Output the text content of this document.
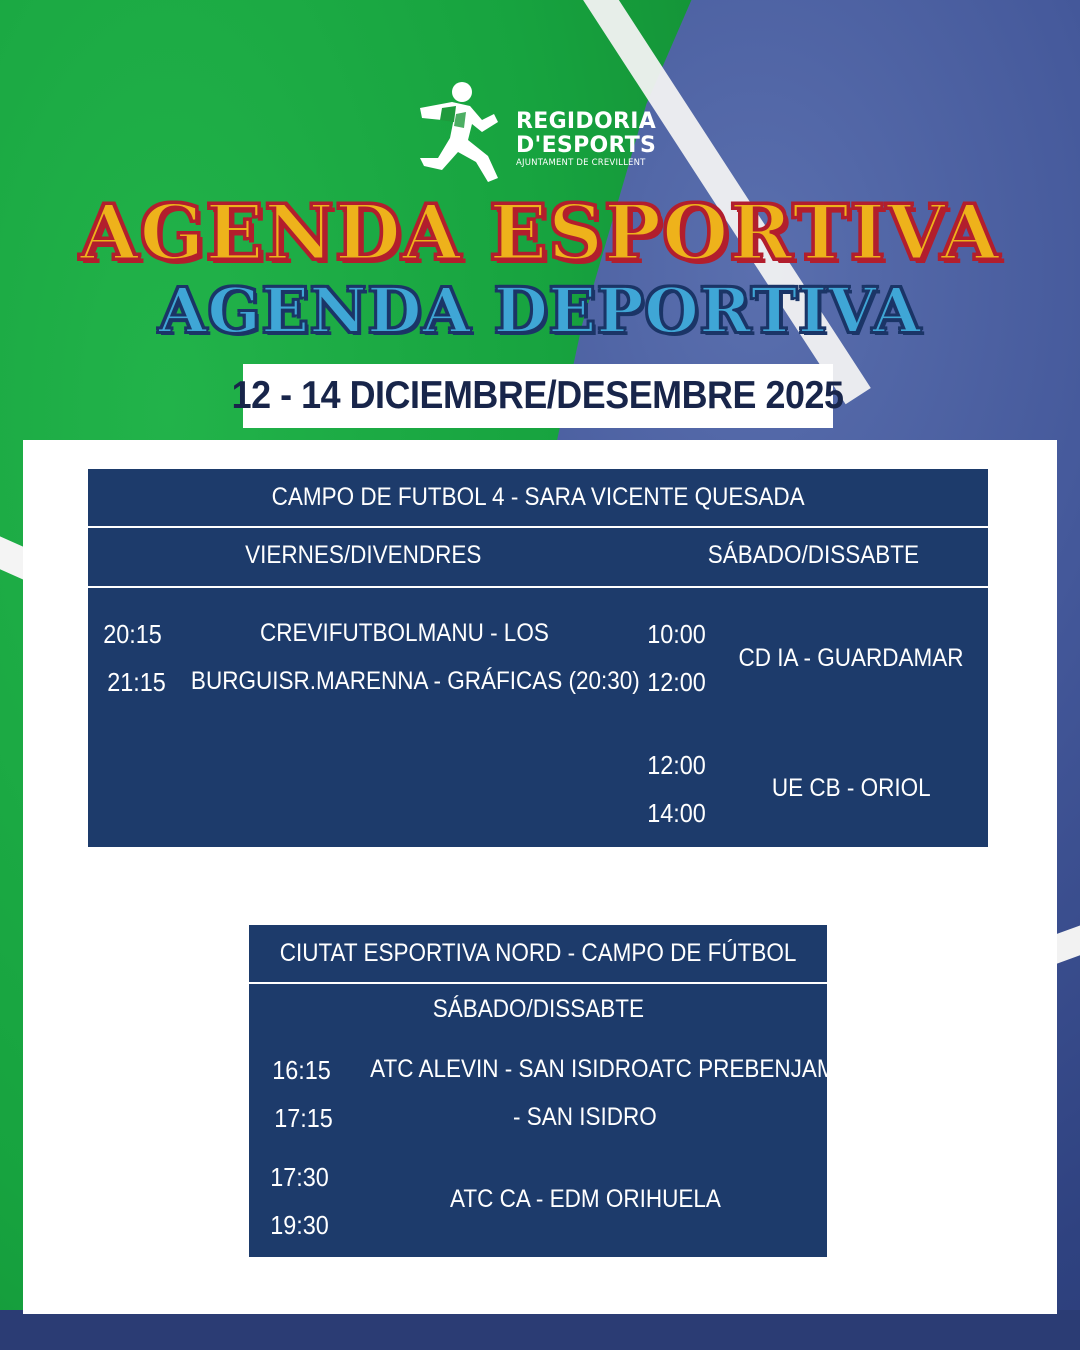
REGIDORIA
D'ESPORTS
AJUNTAMENT DE CREVILLENT
AGENDA ESPORTIVA
AGENDA DEPORTIVA
12 - 14 DICIEMBRE/DESEMBRE 2025
CAMPO DE FUTBOL 4 - SARA VICENTE QUESADA
VIERNES/DIVENDRES	SÁBADO/DISSABTE
20:15
21:15
CREVIFUTBOLMANU - LOS
BURGUISR.MARENNA - GRÁFICAS (20:30)
10:00
12:00
CD IA - GUARDAMAR
12:00
14:00
UE CB - ORIOL
CIUTAT ESPORTIVA NORD - CAMPO DE FÚTBOL
SÁBADO/DISSABTE
16:15
17:15
ATC ALEVIN - SAN ISIDROATC PREBENJAMIN
- SAN ISIDRO
17:30
19:30
ATC CA - EDM ORIHUELA
